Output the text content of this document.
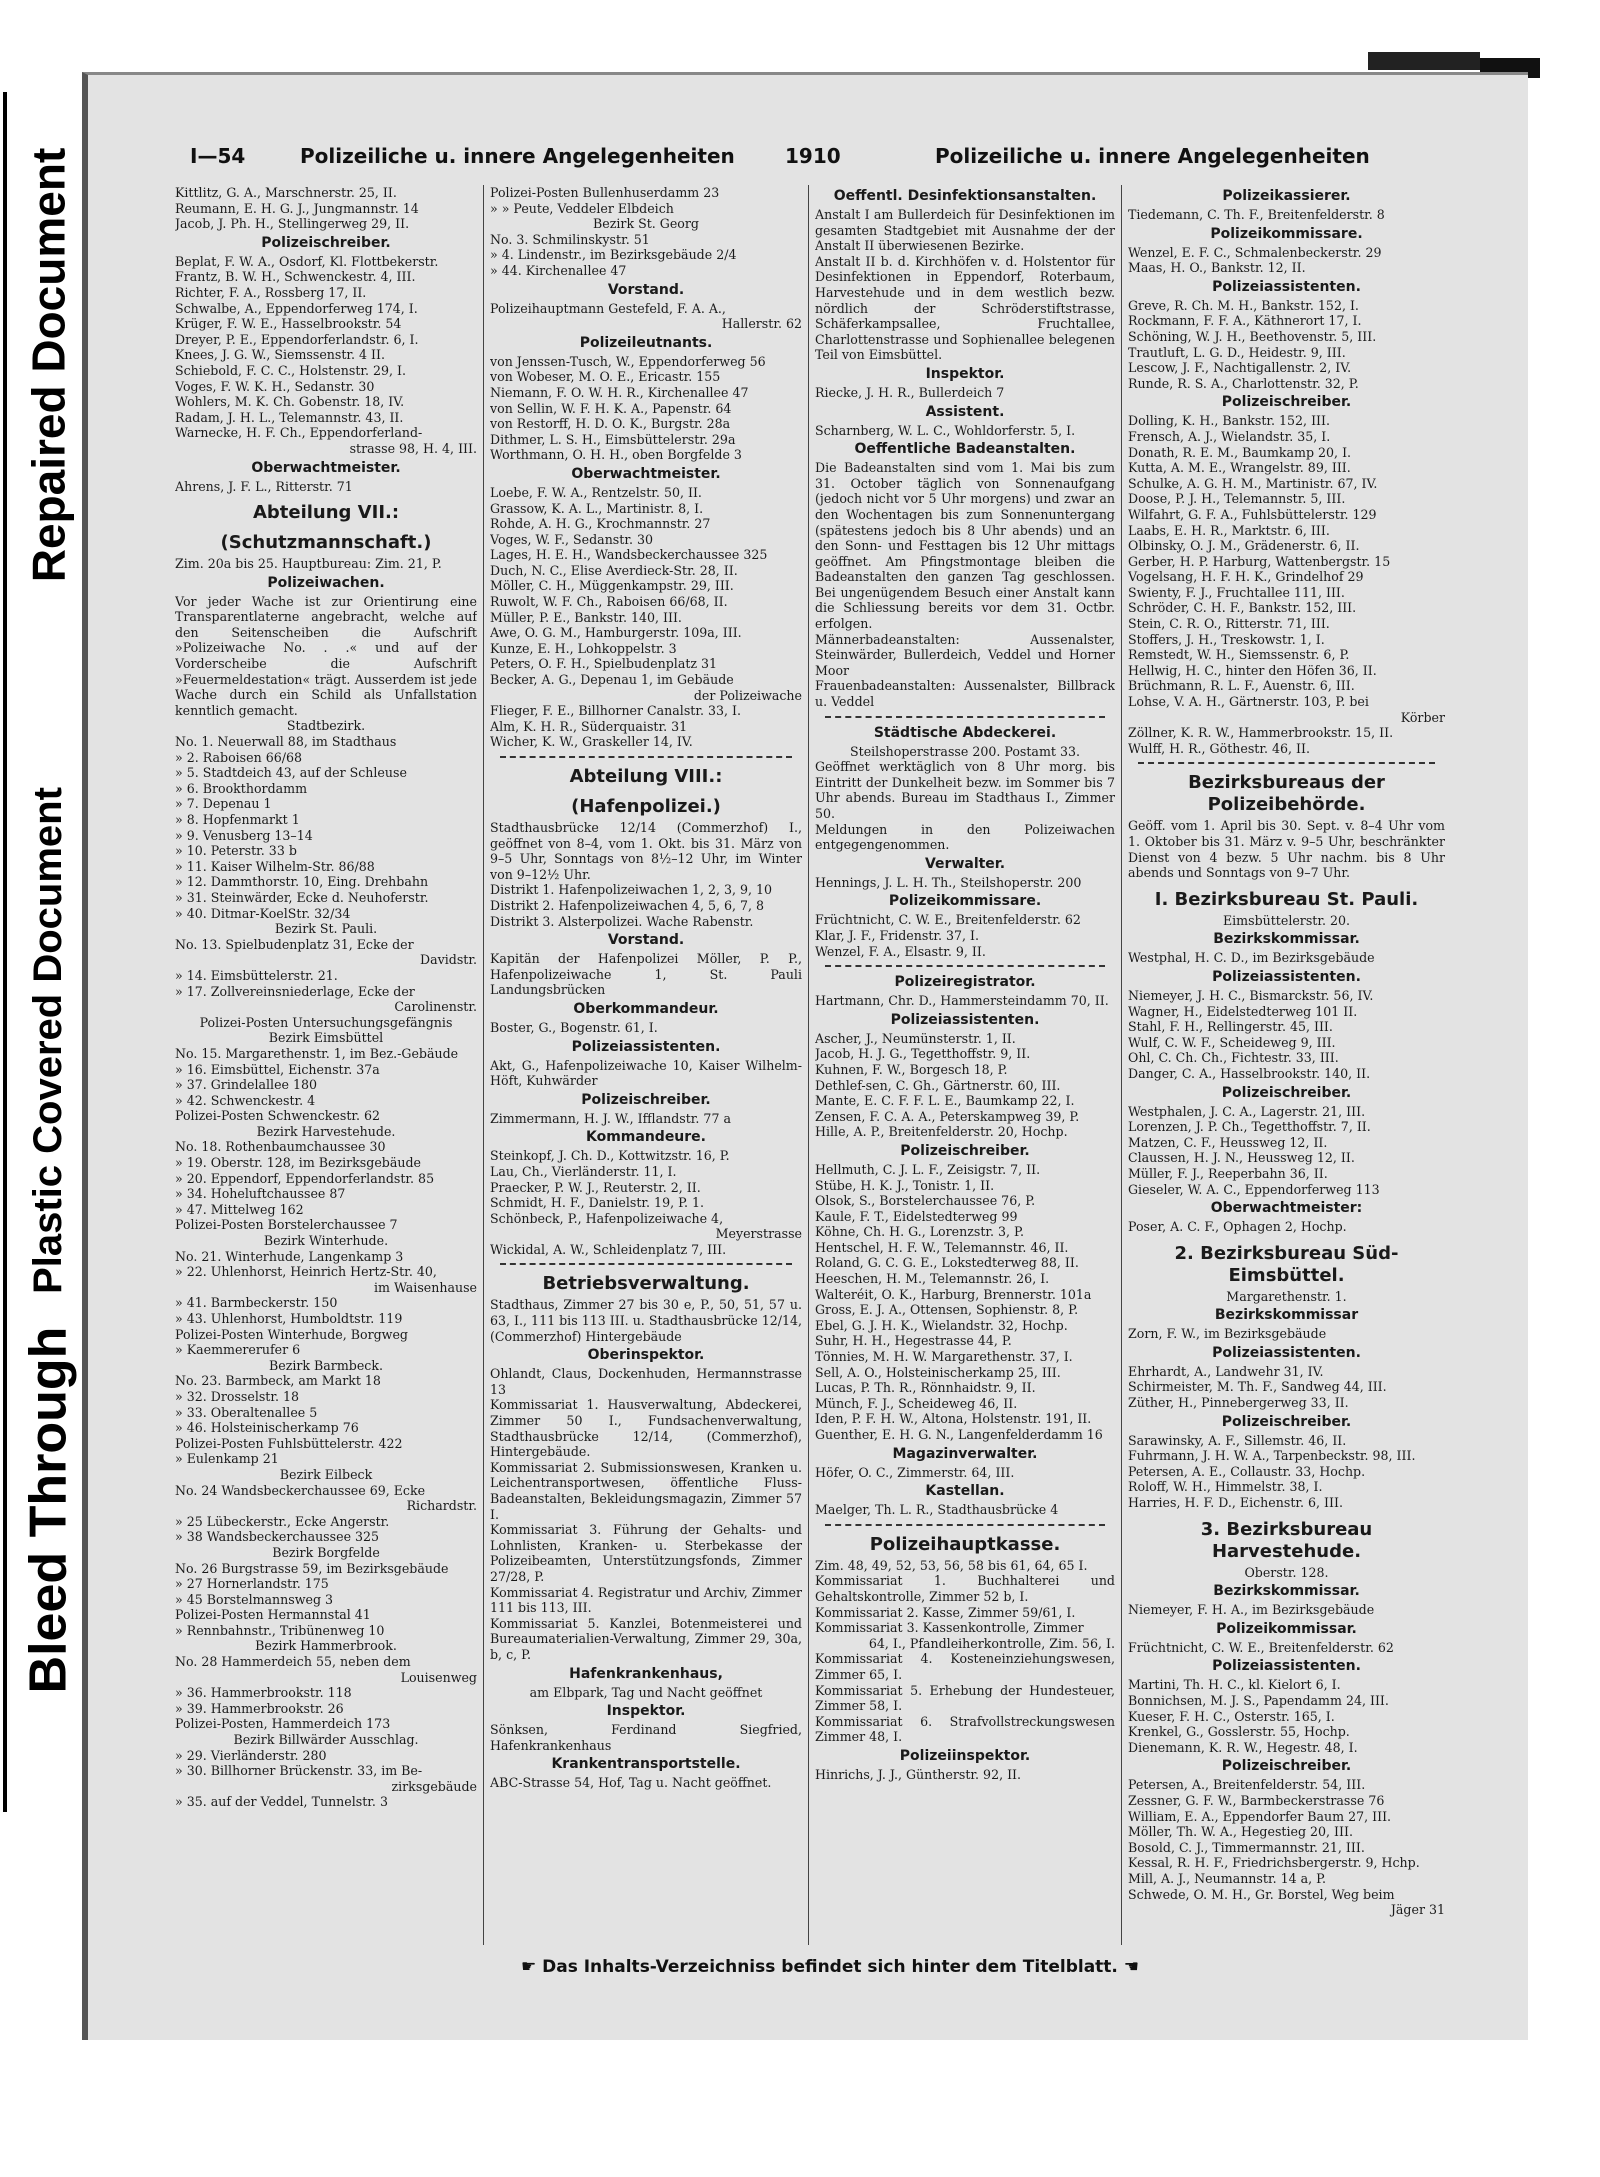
Repaired Document
Plastic Covered Document
Bleed Through
I—54	Polizeiliche u. innere Angelegenheiten	1910	Polizeiliche u. innere Angelegenheiten
Kittlitz, G. A., Marschnerstr. 25, II.
Reumann, E. H. G. J., Jungmannstr. 14
Jacob, J. Ph. H., Stellingerweg 29, II.
Polizeischreiber.
Beplat, F. W. A., Osdorf, Kl. Flottbekerstr.
Frantz, B. W. H., Schwenckestr. 4, III.
Richter, F. A., Rossberg 17, II.
Schwalbe, A., Eppendorferweg 174, I.
Krüger, F. W. E., Hasselbrookstr. 54
Dreyer, P. E., Eppendorferlandstr. 6, I.
Knees, J. G. W., Siemssenstr. 4 II.
Schiebold, F. C. C., Holstenstr. 29, I.
Voges, F. W. K. H., Sedanstr. 30
Wohlers, M. K. Ch. Gobenstr. 18, IV.
Radam, J. H. L., Telemannstr. 43, II.
Warnecke, H. F. Ch., Eppendorferland-
strasse 98, H. 4, III.
Oberwachtmeister.
Ahrens, J. F. L., Ritterstr. 71
Abteilung VII.:
(Schutzmannschaft.)
Zim. 20a bis 25. Hauptbureau: Zim. 21, P.
Polizeiwachen.
Vor jeder Wache ist zur Orientirung eine Transparentlaterne angebracht, welche auf den Seitenscheiben die Aufschrift »Polizeiwache No. . .« und auf der Vorderscheibe die Aufschrift »Feuermeldestation« trägt. Ausserdem ist jede Wache durch ein Schild als Unfallstation kenntlich gemacht.
Stadtbezirk.
No. 1. Neuerwall 88, im Stadthaus
» 2. Raboisen 66/68
» 5. Stadtdeich 43, auf der Schleuse
» 6. Brookthordamm
» 7. Depenau 1
» 8. Hopfenmarkt 1
» 9. Venusberg 13–14
» 10. Peterstr. 33 b
» 11. Kaiser Wilhelm-Str. 86/88
» 12. Dammthorstr. 10, Eing. Drehbahn
» 31. Steinwärder, Ecke d. Neuhoferstr.
» 40. Ditmar-KoelStr. 32/34
Bezirk St. Pauli.
No. 13. Spielbudenplatz 31, Ecke der
Davidstr.
» 14. Eimsbüttelerstr. 21.
» 17. Zollvereinsniederlage, Ecke der
Carolinenstr.
Polizei-Posten Untersuchungsgefängnis
Bezirk Eimsbüttel
No. 15. Margarethenstr. 1, im Bez.-Gebäude
» 16. Eimsbüttel, Eichenstr. 37a
» 37. Grindelallee 180
» 42. Schwenckestr. 4
Polizei-Posten Schwenckestr. 62
Bezirk Harvestehude.
No. 18. Rothenbaumchaussee 30
» 19. Oberstr. 128, im Bezirksgebäude
» 20. Eppendorf, Eppendorferlandstr. 85
» 34. Hoheluftchaussee 87
» 47. Mittelweg 162
Polizei-Posten Borstelerchaussee 7
Bezirk Winterhude.
No. 21. Winterhude, Langenkamp 3
» 22. Uhlenhorst, Heinrich Hertz-Str. 40,
im Waisenhause
» 41. Barmbeckerstr. 150
» 43. Uhlenhorst, Humboldtstr. 119
Polizei-Posten Winterhude, Borgweg
» Kaemmererufer 6
Bezirk Barmbeck.
No. 23. Barmbeck, am Markt 18
» 32. Drosselstr. 18
» 33. Oberaltenallee 5
» 46. Holsteinischerkamp 76
Polizei-Posten Fuhlsbüttelerstr. 422
» Eulenkamp 21
Bezirk Eilbeck
No. 24 Wandsbeckerchaussee 69, Ecke
Richardstr.
» 25 Lübeckerstr., Ecke Angerstr.
» 38 Wandsbeckerchaussee 325
Bezirk Borgfelde
No. 26 Burgstrasse 59, im Bezirksgebäude
» 27 Hornerlandstr. 175
» 45 Borstelmannsweg 3
Polizei-Posten Hermannstal 41
» Rennbahnstr., Tribünenweg 10
Bezirk Hammerbrook.
No. 28 Hammerdeich 55, neben dem
Louisenweg
» 36. Hammerbrookstr. 118
» 39. Hammerbrookstr. 26
Polizei-Posten, Hammerdeich 173
Bezirk Billwärder Ausschlag.
» 29. Vierländerstr. 280
» 30. Billhorner Brückenstr. 33, im Be-
zirksgebäude
» 35. auf der Veddel, Tunnelstr. 3
Polizei-Posten Bullenhuserdamm 23
» » Peute, Veddeler Elbdeich
Bezirk St. Georg
No. 3. Schmilinskystr. 51
» 4. Lindenstr., im Bezirksgebäude 2/4
» 44. Kirchenallee 47
Vorstand.
Polizeihauptmann Gestefeld, F. A. A.,
Hallerstr. 62
Polizeileutnants.
von Jenssen-Tusch, W., Eppendorferweg 56
von Wobeser, M. O. E., Ericastr. 155
Niemann, F. O. W. H. R., Kirchenallee 47
von Sellin, W. F. H. K. A., Papenstr. 64
von Restorff, H. D. O. K., Burgstr. 28a
Dithmer, L. S. H., Eimsbüttelerstr. 29a
Worthmann, O. H. H., oben Borgfelde 3
Oberwachtmeister.
Loebe, F. W. A., Rentzelstr. 50, II.
Grassow, K. A. L., Martinistr. 8, I.
Rohde, A. H. G., Krochmannstr. 27
Voges, W. F., Sedanstr. 30
Lages, H. E. H., Wandsbeckerchaussee 325
Duch, N. C., Elise Averdieck-Str. 28, II.
Möller, C. H., Müggenkampstr. 29, III.
Ruwolt, W. F. Ch., Raboisen 66/68, II.
Müller, P. E., Bankstr. 140, III.
Awe, O. G. M., Hamburgerstr. 109a, III.
Kunze, E. H., Lohkoppelstr. 3
Peters, O. F. H., Spielbudenplatz 31
Becker, A. G., Depenau 1, im Gebäude
der Polizeiwache
Flieger, F. E., Billhorner Canalstr. 33, I.
Alm, K. H. R., Süderquaistr. 31
Wicher, K. W., Graskeller 14, IV.
Abteilung VIII.:
(Hafenpolizei.)
Stadthausbrücke 12/14 (Commerzhof) I., geöffnet von 8–4, vom 1. Okt. bis 31. März von 9–5 Uhr, Sonntags von 8½–12 Uhr, im Winter von 9–12½ Uhr.
Distrikt 1. Hafenpolizeiwachen 1, 2, 3, 9, 10
Distrikt 2. Hafenpolizeiwachen 4, 5, 6, 7, 8
Distrikt 3. Alsterpolizei. Wache Rabenstr.
Vorstand.
Kapitän der Hafenpolizei Möller, P. P., Hafenpolizeiwache 1, St. Pauli Landungsbrücken
Oberkommandeur.
Boster, G., Bogenstr. 61, I.
Polizeiassistenten.
Akt, G., Hafenpolizeiwache 10, Kaiser Wilhelm-Höft, Kuhwärder
Polizeischreiber.
Zimmermann, H. J. W., Ifflandstr. 77 a
Kommandeure.
Steinkopf, J. Ch. D., Kottwitzstr. 16, P.
Lau, Ch., Vierländerstr. 11, I.
Praecker, P. W. J., Reuterstr. 2, II.
Schmidt, H. F., Danielstr. 19, P. 1.
Schönbeck, P., Hafenpolizeiwache 4,
Meyerstrasse
Wickidal, A. W., Schleidenplatz 7, III.
Betriebsverwaltung.
Stadthaus, Zimmer 27 bis 30 e, P., 50, 51, 57 u. 63, I., 111 bis 113 III. u. Stadthausbrücke 12/14, (Commerzhof) Hintergebäude
Oberinspektor.
Ohlandt, Claus, Dockenhuden, Hermannstrasse 13
Kommissariat 1. Hausverwaltung, Abdeckerei, Zimmer 50 I., Fundsachenverwaltung, Stadthausbrücke 12/14, (Commerzhof), Hintergebäude.
Kommissariat 2. Submissionswesen, Kranken u. Leichentransportwesen, öffentliche Fluss-Badeanstalten, Bekleidungsmagazin, Zimmer 57 I.
Kommissariat 3. Führung der Gehalts- und Lohnlisten, Kranken- u. Sterbekasse der Polizeibeamten, Unterstützungsfonds, Zimmer 27/28, P.
Kommissariat 4. Registratur und Archiv, Zimmer 111 bis 113, III.
Kommissariat 5. Kanzlei, Botenmeisterei und Bureaumaterialien-Verwaltung, Zimmer 29, 30a, b, c, P.
Hafenkrankenhaus,
am Elbpark, Tag und Nacht geöffnet
Inspektor.
Sönksen, Ferdinand Siegfried, Hafenkrankenhaus
Krankentransportstelle.
ABC-Strasse 54, Hof, Tag u. Nacht geöffnet.
Oeffentl. Desinfektionsanstalten.
Anstalt I am Bullerdeich für Desinfektionen im gesamten Stadtgebiet mit Ausnahme der der Anstalt II überwiesenen Bezirke.
Anstalt II b. d. Kirchhöfen v. d. Holstentor für Desinfektionen in Eppendorf, Roterbaum, Harvestehude und in dem westlich bezw. nördlich der Schröderstiftstrasse, Schäferkampsallee, Fruchtallee, Charlottenstrasse und Sophienallee belegenen Teil von Eimsbüttel.
Inspektor.
Riecke, J. H. R., Bullerdeich 7
Assistent.
Scharnberg, W. L. C., Wohldorferstr. 5, I.
Oeffentliche Badeanstalten.
Die Badeanstalten sind vom 1. Mai bis zum 31. October täglich von Sonnenaufgang (jedoch nicht vor 5 Uhr morgens) und zwar an den Wochentagen bis zum Sonnenuntergang (spätestens jedoch bis 8 Uhr abends) und an den Sonn- und Festtagen bis 12 Uhr mittags geöffnet. Am Pfingstmontage bleiben die Badeanstalten den ganzen Tag geschlossen. Bei ungenügendem Besuch einer Anstalt kann die Schliessung bereits vor dem 31. Octbr. erfolgen.
Männerbadeanstalten: Aussenalster, Steinwärder, Bullerdeich, Veddel und Horner Moor
Frauenbadeanstalten: Aussenalster, Billbrack u. Veddel
Städtische Abdeckerei.
Steilshoperstrasse 200. Postamt 33.
Geöffnet werktäglich von 8 Uhr morg. bis Eintritt der Dunkelheit bezw. im Sommer bis 7 Uhr abends. Bureau im Stadthaus I., Zimmer 50.
Meldungen in den Polizeiwachen entgegengenommen.
Verwalter.
Hennings, J. L. H. Th., Steilshoperstr. 200
Polizeikommissare.
Früchtnicht, C. W. E., Breitenfelderstr. 62
Klar, J. F., Fridenstr. 37, I.
Wenzel, F. A., Elsastr. 9, II.
Polizeiregistrator.
Hartmann, Chr. D., Hammersteindamm 70, II.
Polizeiassistenten.
Ascher, J., Neumünsterstr. 1, II.
Jacob, H. J. G., Tegetthoffstr. 9, II.
Kuhnen, F. W., Borgesch 18, P.
Dethlef-sen, C. Gh., Gärtnerstr. 60, III.
Mante, E. C. F. F. L. E., Baumkamp 22, I.
Zensen, F. C. A. A., Peterskampweg 39, P.
Hille, A. P., Breitenfelderstr. 20, Hochp.
Polizeischreiber.
Hellmuth, C. J. L. F., Zeisigstr. 7, II.
Stübe, H. K. J., Tonistr. 1, II.
Olsok, S., Borstelerchaussee 76, P.
Kaule, F. T., Eidelstedterweg 99
Köhne, Ch. H. G., Lorenzstr. 3, P.
Hentschel, H. F. W., Telemannstr. 46, II.
Roland, G. C. G. E., Lokstedterweg 88, II.
Heeschen, H. M., Telemannstr. 26, I.
Walteréit, O. K., Harburg, Brennerstr. 101a
Gross, E. J. A., Ottensen, Sophienstr. 8, P.
Ebel, G. J. H. K., Wielandstr. 32, Hochp.
Suhr, H. H., Hegestrasse 44, P.
Tönnies, M. H. W. Margarethenstr. 37, I.
Sell, A. O., Holsteinischerkamp 25, III.
Lucas, P. Th. R., Rönnhaidstr. 9, II.
Münch, F. J., Scheideweg 46, II.
Iden, P. F. H. W., Altona, Holstenstr. 191, II.
Guenther, E. H. G. N., Langenfelderdamm 16
Magazinverwalter.
Höfer, O. C., Zimmerstr. 64, III.
Kastellan.
Maelger, Th. L. R., Stadthausbrücke 4
Polizeihauptkasse.
Zim. 48, 49, 52, 53, 56, 58 bis 61, 64, 65 I.
Kommissariat 1. Buchhalterei und Gehaltskontrolle, Zimmer 52 b, I.
Kommissariat 2. Kasse, Zimmer 59/61, I.
Kommissariat 3. Kassenkontrolle, Zimmer
64, I., Pfandleiherkontrolle, Zim. 56, I.
Kommissariat 4. Kosteneinziehungswesen, Zimmer 65, I.
Kommissariat 5. Erhebung der Hundesteuer, Zimmer 58, I.
Kommissariat 6. Strafvollstreckungswesen Zimmer 48, I.
Polizeiinspektor.
Hinrichs, J. J., Güntherstr. 92, II.
Polizeikassierer.
Tiedemann, C. Th. F., Breitenfelderstr. 8
Polizeikommissare.
Wenzel, E. F. C., Schmalenbeckerstr. 29
Maas, H. O., Bankstr. 12, II.
Polizeiassistenten.
Greve, R. Ch. M. H., Bankstr. 152, I.
Rockmann, F. F. A., Käthnerort 17, I.
Schöning, W. J. H., Beethovenstr. 5, III.
Trautluft, L. G. D., Heidestr. 9, III.
Lescow, J. F., Nachtigallenstr. 2, IV.
Runde, R. S. A., Charlottenstr. 32, P.
Polizeischreiber.
Dolling, K. H., Bankstr. 152, III.
Frensch, A. J., Wielandstr. 35, I.
Donath, R. E. M., Baumkamp 20, I.
Kutta, A. M. E., Wrangelstr. 89, III.
Schulke, A. G. H. M., Martinistr. 67, IV.
Doose, P. J. H., Telemannstr. 5, III.
Wilfahrt, G. F. A., Fuhlsbüttelerstr. 129
Laabs, E. H. R., Marktstr. 6, III.
Olbinsky, O. J. M., Grädenerstr. 6, II.
Gerber, H. P. Harburg, Wattenbergstr. 15
Vogelsang, H. F. H. K., Grindelhof 29
Swienty, F. J., Fruchtallee 111, III.
Schröder, C. H. F., Bankstr. 152, III.
Stein, C. R. O., Ritterstr. 71, III.
Stoffers, J. H., Treskowstr. 1, I.
Remstedt, W. H., Siemssenstr. 6, P.
Hellwig, H. C., hinter den Höfen 36, II.
Brüchmann, R. L. F., Auenstr. 6, III.
Lohse, V. A. H., Gärtnerstr. 103, P. bei
Körber
Zöllner, K. R. W., Hammerbrookstr. 15, II.
Wulff, H. R., Göthestr. 46, II.
Bezirksbureaus der Polizeibehörde.
Geöff. vom 1. April bis 30. Sept. v. 8–4 Uhr vom 1. Oktober bis 31. März v. 9–5 Uhr, beschränkter Dienst von 4 bezw. 5 Uhr nachm. bis 8 Uhr abends und Sonntags von 9–7 Uhr.
I. Bezirksbureau St. Pauli.
Eimsbüttelerstr. 20.
Bezirkskommissar.
Westphal, H. C. D., im Bezirksgebäude
Polizeiassistenten.
Niemeyer, J. H. C., Bismarckstr. 56, IV.
Wagner, H., Eidelstedterweg 101 II.
Stahl, F. H., Rellingerstr. 45, III.
Wulf, C. W. F., Scheideweg 9, III.
Ohl, C. Ch. Ch., Fichtestr. 33, III.
Danger, C. A., Hasselbrookstr. 140, II.
Polizeischreiber.
Westphalen, J. C. A., Lagerstr. 21, III.
Lorenzen, J. P. Ch., Tegetthoffstr. 7, II.
Matzen, C. F., Heussweg 12, II.
Claussen, H. J. N., Heussweg 12, II.
Müller, F. J., Reeperbahn 36, II.
Gieseler, W. A. C., Eppendorferweg 113
Oberwachtmeister:
Poser, A. C. F., Ophagen 2, Hochp.
2. Bezirksbureau Süd-Eimsbüttel.
Margarethenstr. 1.
Bezirkskommissar
Zorn, F. W., im Bezirksgebäude
Polizeiassistenten.
Ehrhardt, A., Landwehr 31, IV.
Schirmeister, M. Th. F., Sandweg 44, III.
Züther, H., Pinnebergerweg 33, II.
Polizeischreiber.
Sarawinsky, A. F., Sillemstr. 46, II.
Fuhrmann, J. H. W. A., Tarpenbeckstr. 98, III.
Petersen, A. E., Collaustr. 33, Hochp.
Roloff, W. H., Himmelstr. 38, I.
Harries, H. F. D., Eichenstr. 6, III.
3. Bezirksbureau Harvestehude.
Oberstr. 128.
Bezirkskommissar.
Niemeyer, F. H. A., im Bezirksgebäude
Polizeikommissar.
Früchtnicht, C. W. E., Breitenfelderstr. 62
Polizeiassistenten.
Martini, Th. H. C., kl. Kielort 6, I.
Bonnichsen, M. J. S., Papendamm 24, III.
Kueser, F. H. C., Osterstr. 165, I.
Krenkel, G., Gosslerstr. 55, Hochp.
Dienemann, K. R. W., Hegestr. 48, I.
Polizeischreiber.
Petersen, A., Breitenfelderstr. 54, III.
Zessner, G. F. W., Barmbeckerstrasse 76
William, E. A., Eppendorfer Baum 27, III.
Möller, Th. W. A., Hegestieg 20, III.
Bosold, C. J., Timmermannstr. 21, III.
Kessal, R. H. F., Friedrichsbergerstr. 9, Hchp.
Mill, A. J., Neumannstr. 14 a, P.
Schwede, O. M. H., Gr. Borstel, Weg beim
Jäger 31
☛ Das Inhalts-Verzeichniss befindet sich hinter dem Titelblatt. ☚
